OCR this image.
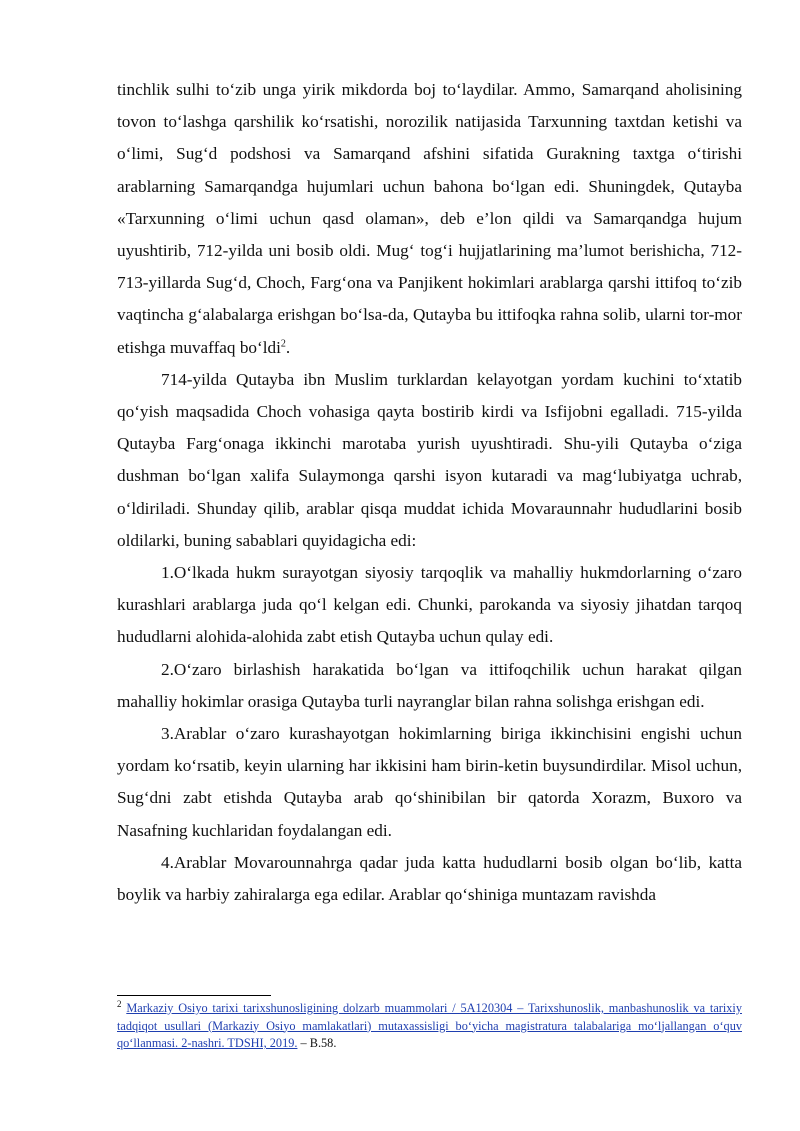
tinchlik sulhi to‘zib unga yirik mikdorda boj to‘laydilar. Ammo, Samarqand aholisining tovon to‘lashga qarshilik ko‘rsatishi, norozilik natijasida Tarxunning taxtdan ketishi va o‘limi, Sug‘d podshosi va Samarqand afshini sifatida Gurakning taxtga o‘tirishi arablarning Samarqandga hujumlari uchun bahona bo‘lgan edi. Shuningdek, Qutayba «Tarxunning o‘limi uchun qasd olaman», deb e’lon qildi va Samarqandga hujum uyushtirib, 712-yilda uni bosib oldi. Mug‘ tog‘i hujjatlarining ma’lumot berishicha, 712-713-yillarda Sug‘d, Choch, Farg‘ona va Panjikent hokimlari arablarga qarshi ittifoq to‘zib vaqtincha g‘alabalarga erishgan bo‘lsa-da, Qutayba bu ittifoqka rahna solib, ularni tor-mor etishga muvaffaq bo‘ldi$^2$.

714-yilda Qutayba ibn Muslim turklardan kelayotgan yordam kuchini to‘xtatib qo‘yish maqsadida Choch vohasiga qayta bostirib kirdi va Isfijobni egalladi. 715-yilda Qutayba Farg‘onaga ikkinchi marotaba yurish uyushtiradi. Shu-yili Qutayba o‘ziga dushman bo‘lgan xalifa Sulaymonga qarshi isyon kutaradi va mag‘lubiyatga uchrab, o‘ldiriladi. Shunday qilib, arablar qisqa muddat ichida Movaraunnahr hududlarini bosib oldilarki, buning sabablari quyidagicha edi:

1.O‘lkada hukm surayotgan siyosiy tarqoqlik va mahalliy hukmdorlarning o‘zaro kurashlari arablarga juda qo‘l kelgan edi. Chunki, parokanda va siyosiy jihatdan tarqoq hududlarni alohida-alohida zabt etish Qutayba uchun qulay edi.

2.O‘zaro birlashish harakatida bo‘lgan va ittifoqchilik uchun harakat qilgan mahalliy hokimlar orasiga Qutayba turli nayranglar bilan rahna solishga erishgan edi.

3.Arablar o‘zaro kurashayotgan hokimlarning biriga ikkinchisini engishi uchun yordam ko‘rsatib, keyin ularning har ikkisini ham birin-ketin buysundirdilar. Misol uchun, Sug‘dni zabt etishda Qutayba arab qo‘shinibilan bir qatorda Xorazm, Buxoro va Nasafning kuchlaridan foydalangan edi.

4.Arablar Movarounnahrga qadar juda katta hududlarni bosib olgan bo‘lib, katta boylik va harbiy zahiralarga ega edilar. Arablar qo‘shiniga muntazam ravishda

$^2$ Markaziy Osiyo tarixi tarixshunosligining dolzarb muammolari / 5A120304 – Tarixshunoslik, manbashunoslik va tarixiy tadqiqot usullari (Markaziy Osiyo mamlakatlari) mutaxassisligi bo‘yicha magistratura talabalariga mo‘ljallangan o‘quv qo‘llanmasi. 2-nashri. TDSHI, 2019. – B.58.
